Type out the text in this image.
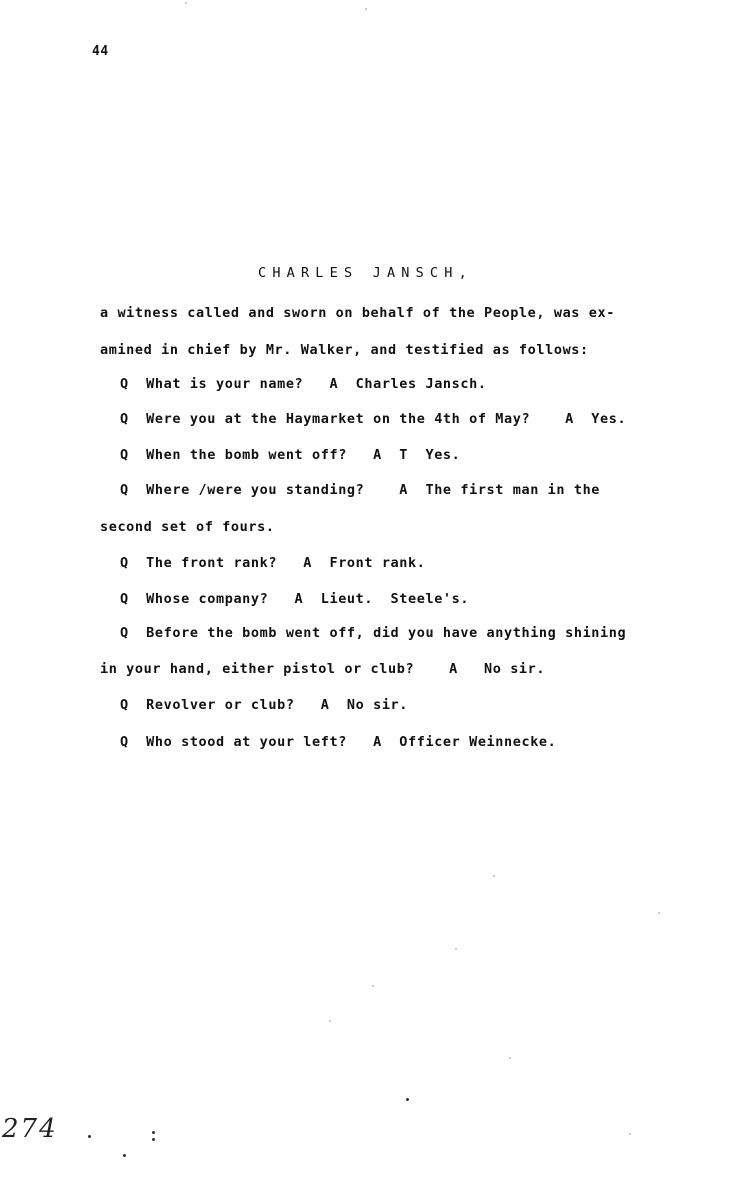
44
CHARLES JANSCH,
a witness called and sworn on behalf of the People, was ex-
amined in chief by Mr. Walker, and testified as follows:
Q  What is your name?   A  Charles Jansch.
Q  Were you at the Haymarket on the 4th of May?    A  Yes.
Q  When the bomb went off?   A  T  Yes.
Q  Where /were you standing?    A  The first man in the
second set of fours.
Q  The front rank?   A  Front rank.
Q  Whose company?   A  Lieut.  Steele's.
Q  Before the bomb went off, did you have anything shining
in your hand, either pistol or club?    A   No sir.
Q  Revolver or club?   A  No sir.
Q  Who stood at your left?   A  Officer Weinnecke.
274
